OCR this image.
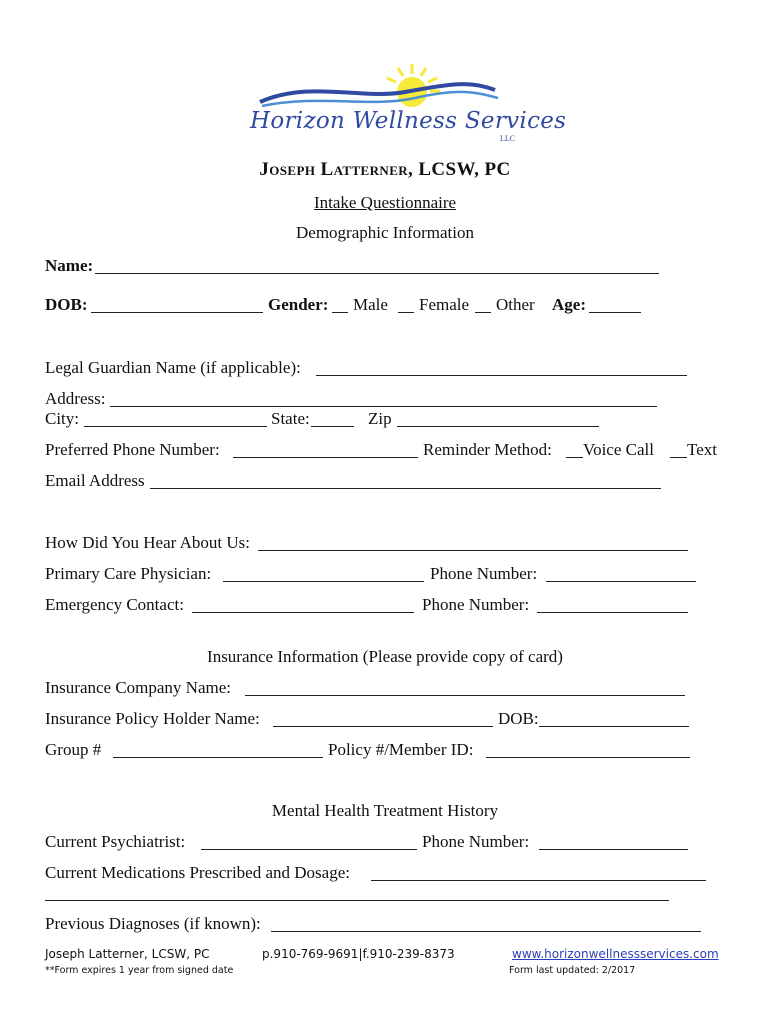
Horizon Wellness Services
LLC
Joseph Latterner, LCSW, PC
Intake Questionnaire
Demographic Information
Name:
DOB:	Gender: Male Female Other Age:
Legal Guardian Name (if applicable):
Address:
City:	State:	Zip
Preferred Phone Number:	Reminder Method: Voice Call Text
Email Address
How Did You Hear About Us:
Primary Care Physician:	Phone Number:
Emergency Contact:	Phone Number:
Insurance Information (Please provide copy of card)
Insurance Company Name:
Insurance Policy Holder Name:	DOB:
Group #	Policy #/Member ID:
Mental Health Treatment History
Current Psychiatrist:	Phone Number:
Current Medications Prescribed and Dosage:
Previous Diagnoses (if known):
Joseph Latterner, LCSW, PC	p.910-769-9691|f.910-239-8373	www.horizonwellnessservices.com
**Form expires 1 year from signed date	Form last updated: 2/2017
